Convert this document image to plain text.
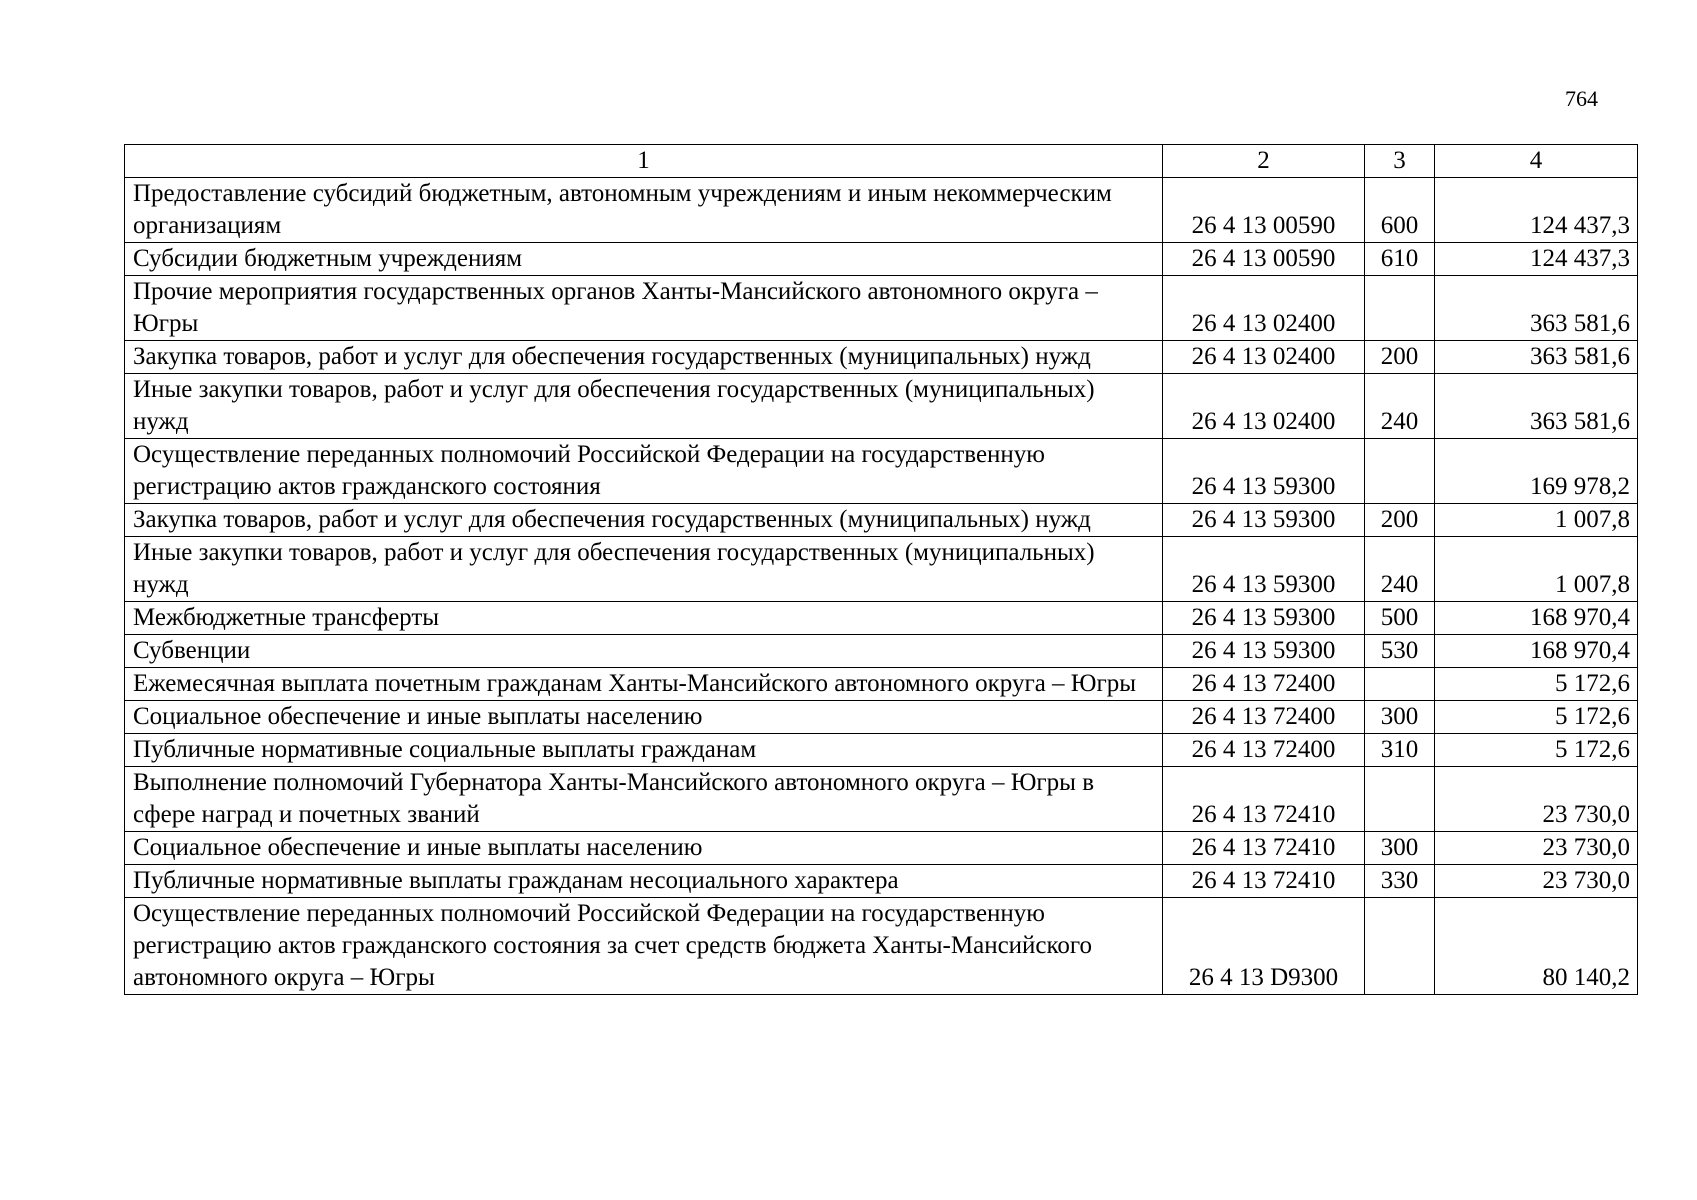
764
1	2	3	4
Предоставление субсидий бюджетным, автономным учреждениям и иным некоммерческим организациям	26 4 13 00590	600	124 437,3
Субсидии бюджетным учреждениям	26 4 13 00590	610	124 437,3
Прочие мероприятия государственных органов Ханты-Мансийского автономного округа – Югры	26 4 13 02400		363 581,6
Закупка товаров, работ и услуг для обеспечения государственных (муниципальных) нужд	26 4 13 02400	200	363 581,6
Иные закупки товаров, работ и услуг для обеспечения государственных (муниципальных) нужд	26 4 13 02400	240	363 581,6
Осуществление переданных полномочий Российской Федерации на государственную регистрацию актов гражданского состояния	26 4 13 59300		169 978,2
Закупка товаров, работ и услуг для обеспечения государственных (муниципальных) нужд	26 4 13 59300	200	1 007,8
Иные закупки товаров, работ и услуг для обеспечения государственных (муниципальных) нужд	26 4 13 59300	240	1 007,8
Межбюджетные трансферты	26 4 13 59300	500	168 970,4
Субвенции	26 4 13 59300	530	168 970,4
Ежемесячная выплата почетным гражданам Ханты-Мансийского автономного округа – Югры	26 4 13 72400		5 172,6
Социальное обеспечение и иные выплаты населению	26 4 13 72400	300	5 172,6
Публичные нормативные социальные выплаты гражданам	26 4 13 72400	310	5 172,6
Выполнение полномочий Губернатора Ханты-Мансийского автономного округа – Югры в сфере наград и почетных званий	26 4 13 72410		23 730,0
Социальное обеспечение и иные выплаты населению	26 4 13 72410	300	23 730,0
Публичные нормативные выплаты гражданам несоциального характера	26 4 13 72410	330	23 730,0
Осуществление переданных полномочий Российской Федерации на государственную регистрацию актов гражданского состояния за счет средств бюджета Ханты-Мансийского автономного округа – Югры	26 4 13 D9300		80 140,2
